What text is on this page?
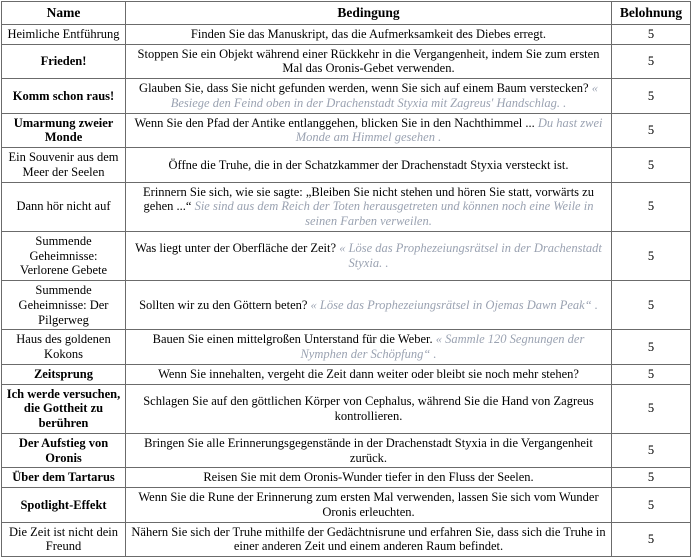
Name	Bedingung	Belohnung
Heimliche Entführung	Finden Sie das Manuskript, das die Aufmerksamkeit des Diebes erregt.	5
Frieden!	Stoppen Sie ein Objekt während einer Rückkehr in die Vergangenheit, indem Sie zum ersten Mal das Oronis-Gebet verwenden.	5
Komm schon raus!	Glauben Sie, dass Sie nicht gefunden werden, wenn Sie sich auf einem Baum verstecken? « Besiege den Feind oben in der Drachenstadt Styxia mit Zagreus' Handschlag. .	5
Umarmung zweier Monde	Wenn Sie den Pfad der Antike entlanggehen, blicken Sie in den Nachthimmel ... Du hast zwei Monde am Himmel gesehen .	5
Ein Souvenir aus dem Meer der Seelen	Öffne die Truhe, die in der Schatzkammer der Drachenstadt Styxia versteckt ist.	5
Dann hör nicht auf	Erinnern Sie sich, wie sie sagte: „Bleiben Sie nicht stehen und hören Sie statt, vorwärts zu gehen ...“ Sie sind aus dem Reich der Toten herausgetreten und können noch eine Weile in seinen Farben verweilen.	5
Summende Geheimnisse: Verlorene Gebete	Was liegt unter der Oberfläche der Zeit? « Löse das Prophezeiungsrätsel in der Drachenstadt Styxia. .	5
Summende Geheimnisse: Der Pilgerweg	Sollten wir zu den Göttern beten? « Löse das Prophezeiungsrätsel in Ojemas Dawn Peak“ .	5
Haus des goldenen Kokons	Bauen Sie einen mittelgroßen Unterstand für die Weber. « Sammle 120 Segnungen der Nymphen der Schöpfung“ .	5
Zeitsprung	Wenn Sie innehalten, vergeht die Zeit dann weiter oder bleibt sie noch mehr stehen?	5
Ich werde versuchen, die Gottheit zu berühren	Schlagen Sie auf den göttlichen Körper von Cephalus, während Sie die Hand von Zagreus kontrollieren.	5
Der Aufstieg von Oronis	Bringen Sie alle Erinnerungsgegenstände in der Drachenstadt Styxia in die Vergangenheit zurück.	5
Über dem Tartarus	Reisen Sie mit dem Oronis-Wunder tiefer in den Fluss der Seelen.	5
Spotlight-Effekt	Wenn Sie die Rune der Erinnerung zum ersten Mal verwenden, lassen Sie sich vom Wunder Oronis erleuchten.	5
Die Zeit ist nicht dein Freund	Nähern Sie sich der Truhe mithilfe der Gedächtnisrune und erfahren Sie, dass sich die Truhe in einer anderen Zeit und einem anderen Raum befindet.	5
